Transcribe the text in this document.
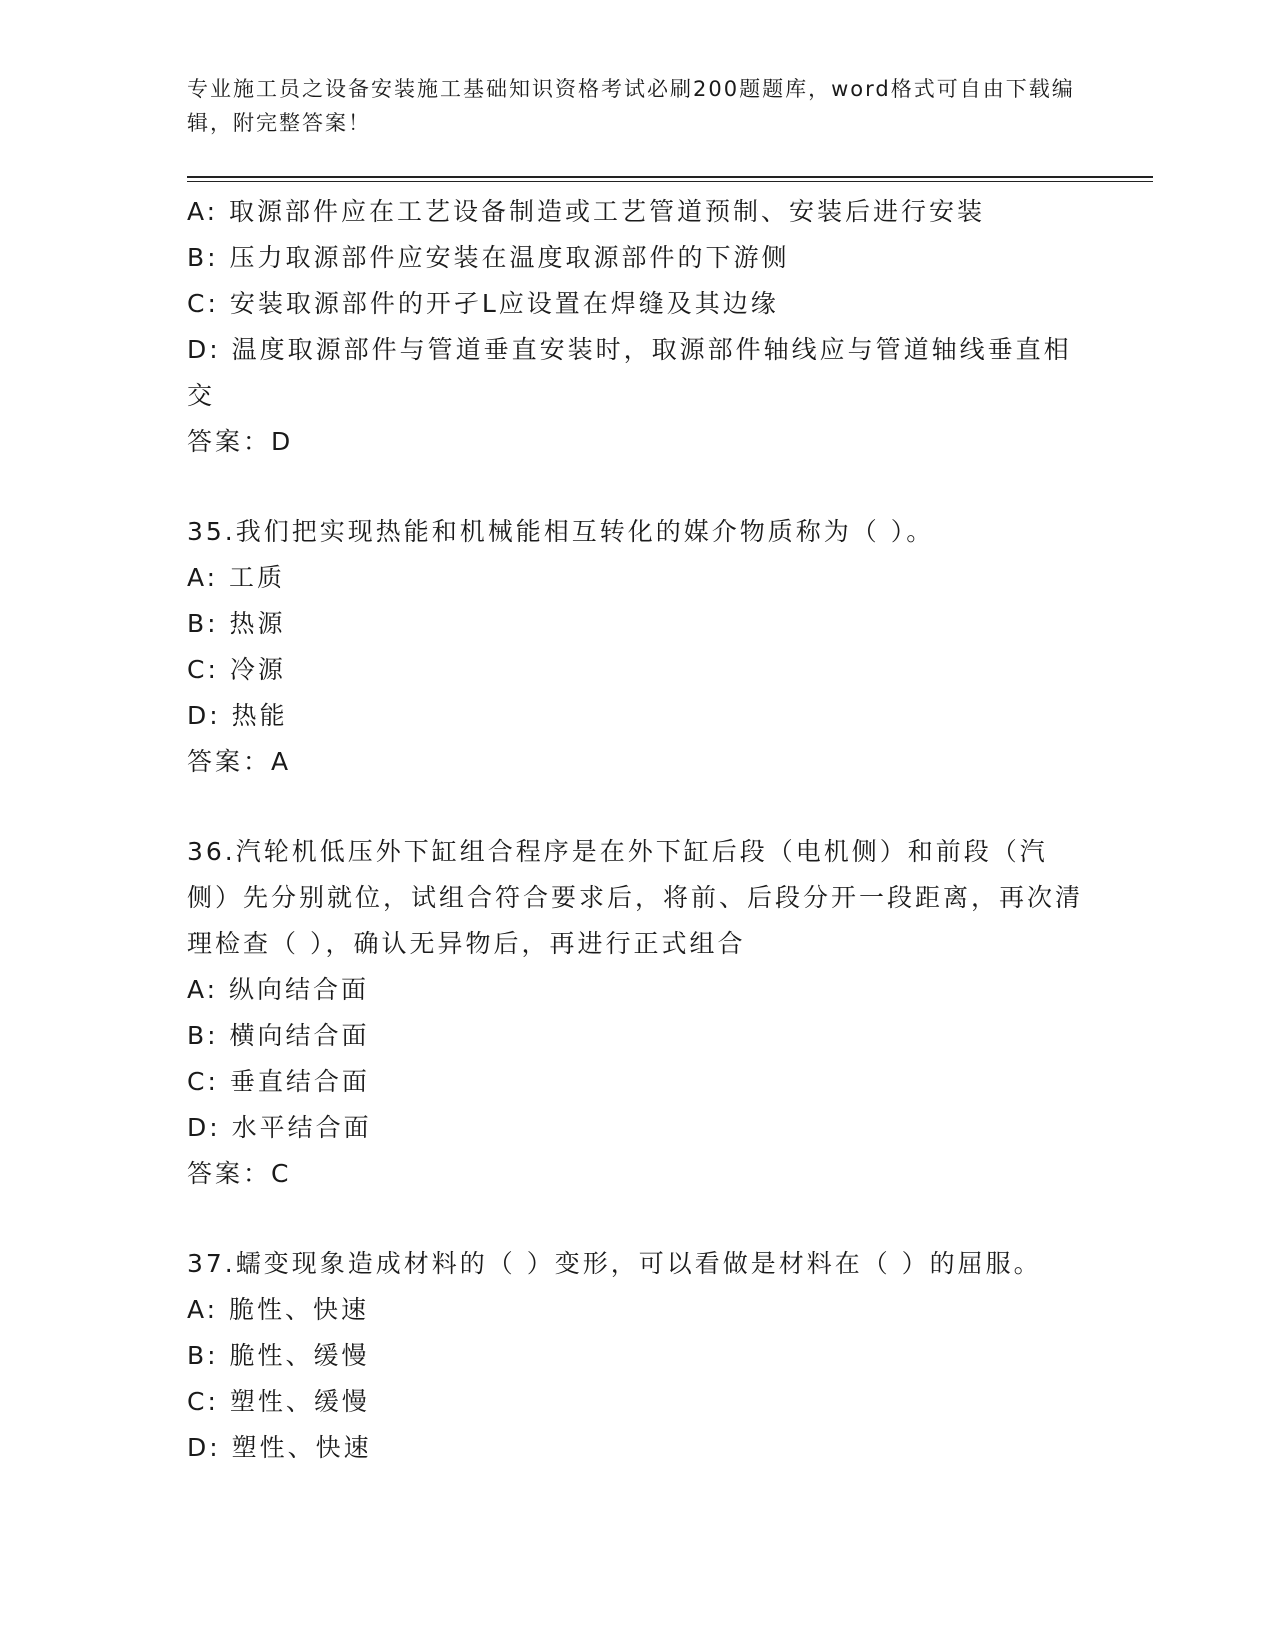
专业施工员之设备安装施工基础知识资格考试必刷200题题库，word格式可自由下载编辑，附完整答案！
A: 取源部件应在工艺设备制造或工艺管道预制、安装后进行安装
B: 压力取源部件应安装在温度取源部件的下游侧
C: 安装取源部件的开孑L应设置在焊缝及其边缘
D: 温度取源部件与管道垂直安装时，取源部件轴线应与管道轴线垂直相交
答案：D
35.我们把实现热能和机械能相互转化的媒介物质称为（ ）。
A: 工质
B: 热源
C: 冷源
D: 热能
答案：A
36.汽轮机低压外下缸组合程序是在外下缸后段（电机侧）和前段（汽侧）先分别就位，试组合符合要求后，将前、后段分开一段距离，再次清理检查（ ），确认无异物后，再进行正式组合
A: 纵向结合面
B: 横向结合面
C: 垂直结合面
D: 水平结合面
答案：C
37.蠕变现象造成材料的（ ）变形，可以看做是材料在（ ）的屈服。
A: 脆性、快速
B: 脆性、缓慢
C: 塑性、缓慢
D: 塑性、快速
